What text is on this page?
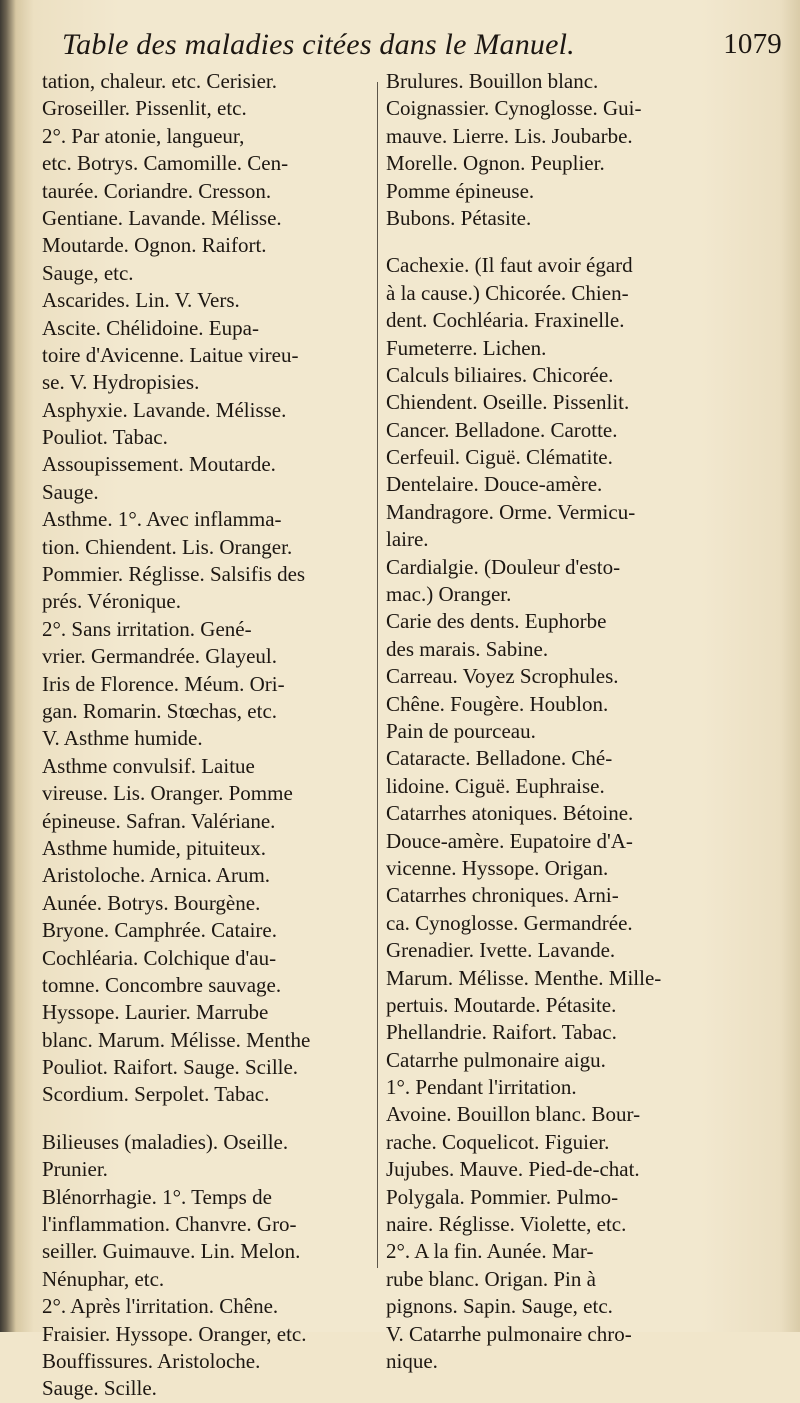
Table des maladies citées dans le Manuel.	1079
tation, chaleur. etc. Cerisier.
Groseiller. Pissenlit, etc.
2°. Par atonie, langueur,
etc. Botrys. Camomille. Cen-
taurée. Coriandre. Cresson.
Gentiane. Lavande. Mélisse.
Moutarde. Ognon. Raifort.
Sauge, etc.
Ascarides. Lin. V. Vers.
Ascite. Chélidoine. Eupa-
toire d'Avicenne. Laitue vireu-
se. V. Hydropisies.
Asphyxie. Lavande. Mélisse.
Pouliot. Tabac.
Assoupissement. Moutarde.
Sauge.
Asthme. 1°. Avec inflamma-
tion. Chiendent. Lis. Oranger.
Pommier. Réglisse. Salsifis des
prés. Véronique.
2°. Sans irritation. Gené-
vrier. Germandrée. Glayeul.
Iris de Florence. Méum. Ori-
gan. Romarin. Stœchas, etc.
V. Asthme humide.
Asthme convulsif. Laitue
vireuse. Lis. Oranger. Pomme
épineuse. Safran. Valériane.
Asthme humide, pituiteux.
Aristoloche. Arnica. Arum.
Aunée. Botrys. Bourgène.
Bryone. Camphrée. Cataire.
Cochléaria. Colchique d'au-
tomne. Concombre sauvage.
Hyssope. Laurier. Marrube
blanc. Marum. Mélisse. Menthe
Pouliot. Raifort. Sauge. Scille.
Scordium. Serpolet. Tabac.
Bilieuses (maladies). Oseille.
Prunier.
Blénorrhagie. 1°. Temps de
l'inflammation. Chanvre. Gro-
seiller. Guimauve. Lin. Melon.
Nénuphar, etc.
2°. Après l'irritation. Chêne.
Fraisier. Hyssope. Oranger, etc.
Bouffissures. Aristoloche.
Sauge. Scille.
Brulures. Bouillon blanc.
Coignassier. Cynoglosse. Gui-
mauve. Lierre. Lis. Joubarbe.
Morelle. Ognon. Peuplier.
Pomme épineuse.
Bubons. Pétasite.
Cachexie. (Il faut avoir égard
à la cause.) Chicorée. Chien-
dent. Cochléaria. Fraxinelle.
Fumeterre. Lichen.
Calculs biliaires. Chicorée.
Chiendent. Oseille. Pissenlit.
Cancer. Belladone. Carotte.
Cerfeuil. Ciguë. Clématite.
Dentelaire. Douce-amère.
Mandragore. Orme. Vermicu-
laire.
Cardialgie. (Douleur d'esto-
mac.) Oranger.
Carie des dents. Euphorbe
des marais. Sabine.
Carreau. Voyez Scrophules.
Chêne. Fougère. Houblon.
Pain de pourceau.
Cataracte. Belladone. Ché-
lidoine. Ciguë. Euphraise.
Catarrhes atoniques. Bétoine.
Douce-amère. Eupatoire d'A-
vicenne. Hyssope. Origan.
Catarrhes chroniques. Arni-
ca. Cynoglosse. Germandrée.
Grenadier. Ivette. Lavande.
Marum. Mélisse. Menthe. Mille-
pertuis. Moutarde. Pétasite.
Phellandrie. Raifort. Tabac.
Catarrhe pulmonaire aigu.
1°. Pendant l'irritation.
Avoine. Bouillon blanc. Bour-
rache. Coquelicot. Figuier.
Jujubes. Mauve. Pied-de-chat.
Polygala. Pommier. Pulmo-
naire. Réglisse. Violette, etc.
2°. A la fin. Aunée. Mar-
rube blanc. Origan. Pin à
pignons. Sapin. Sauge, etc.
V. Catarrhe pulmonaire chro-
nique.
